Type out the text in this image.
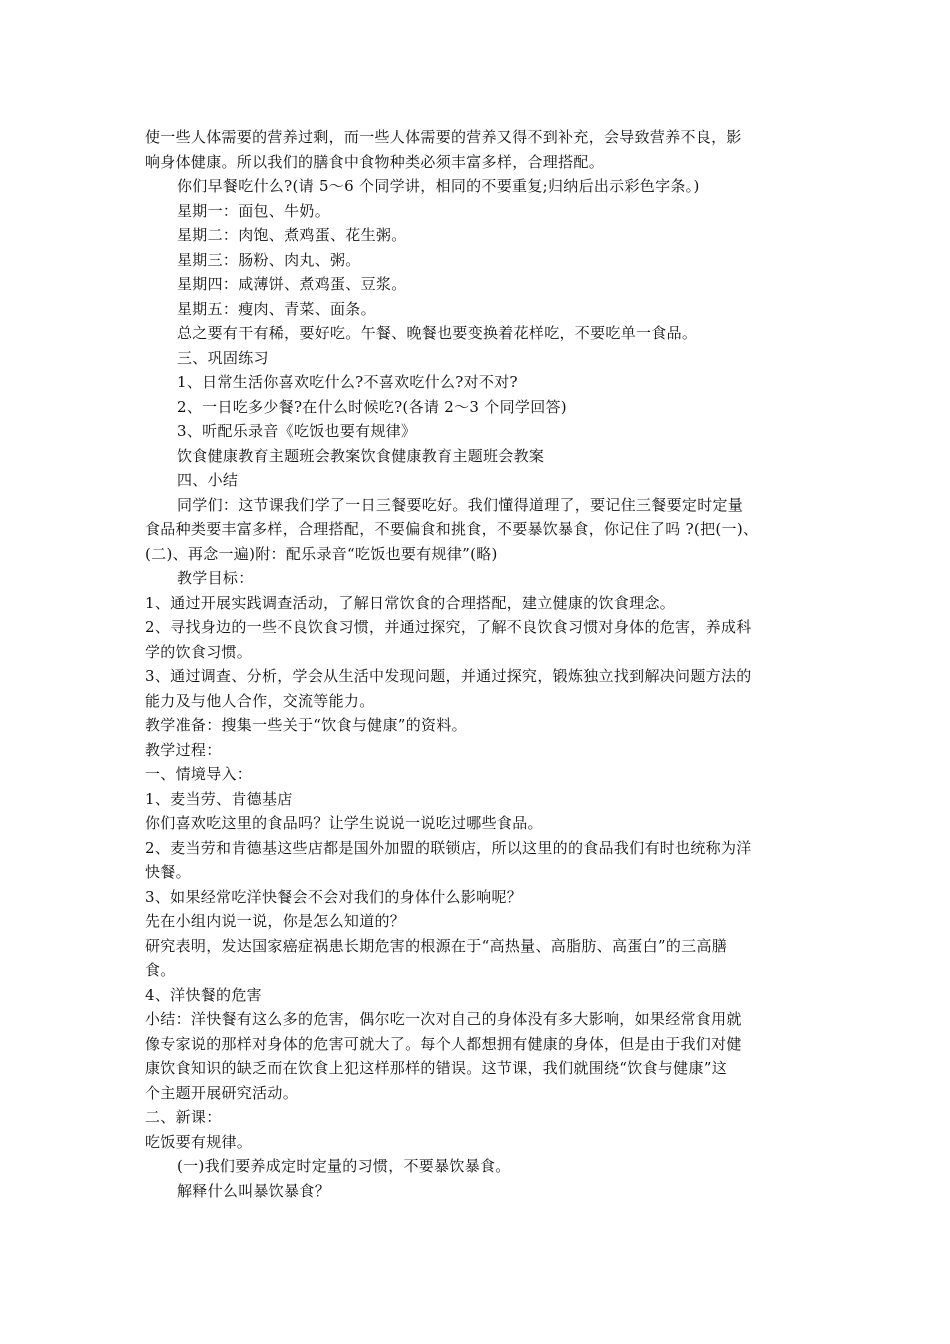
使一些人体需要的营养过剩，而一些人体需要的营养又得不到补充，会导致营养不良，影
响身体健康。所以我们的膳食中食物种类必须丰富多样，合理搭配。
你们早餐吃什么?(请 5～6 个同学讲，相同的不要重复;归纳后出示彩色字条。)
星期一：面包、牛奶。
星期二：肉饱、煮鸡蛋、花生粥。
星期三：肠粉、肉丸、粥。
星期四：咸薄饼、煮鸡蛋、豆浆。
星期五：瘦肉、青菜、面条。
总之要有干有稀，要好吃。午餐、晚餐也要变换着花样吃，不要吃单一食品。
三、巩固练习
1、日常生活你喜欢吃什么?不喜欢吃什么?对不对?
2、一日吃多少餐?在什么时候吃?(各请 2～3 个同学回答)
3、听配乐录音《吃饭也要有规律》
饮食健康教育主题班会教案饮食健康教育主题班会教案
四、小结
同学们：这节课我们学了一日三餐要吃好。我们懂得道理了，要记住三餐要定时定量
食品种类要丰富多样，合理搭配，不要偏食和挑食，不要暴饮暴食，你记住了吗 ?(把(一)、
(二)、再念一遍)附：配乐录音“吃饭也要有规律”(略)
教学目标：
1、通过开展实践调查活动，了解日常饮食的合理搭配，建立健康的饮食理念。
2、寻找身边的一些不良饮食习惯，并通过探究，了解不良饮食习惯对身体的危害，养成科
学的饮食习惯。
3、通过调查、分析，学会从生活中发现问题，并通过探究，锻炼独立找到解决问题方法的
能力及与他人合作，交流等能力。
教学准备：搜集一些关于“饮食与健康”的资料。
教学过程：
一、情境导入：
1、麦当劳、肯德基店
你们喜欢吃这里的食品吗？让学生说说一说吃过哪些食品。
2、麦当劳和肯德基这些店都是国外加盟的联锁店，所以这里的的食品我们有时也统称为洋
快餐。
3、如果经常吃洋快餐会不会对我们的身体什么影响呢？
先在小组内说一说，你是怎么知道的？
研究表明，发达国家癌症祸患长期危害的根源在于“高热量、高脂肪、高蛋白”的三高膳
食。
4、洋快餐的危害
小结：洋快餐有这么多的危害，偶尔吃一次对自己的身体没有多大影响，如果经常食用就
像专家说的那样对身体的危害可就大了。每个人都想拥有健康的身体，但是由于我们对健
康饮食知识的缺乏而在饮食上犯这样那样的错误。这节课，我们就围绕“饮食与健康”这
个主题开展研究活动。
二、新课：
吃饭要有规律。
(一)我们要养成定时定量的习惯，不要暴饮暴食。
解释什么叫暴饮暴食？
